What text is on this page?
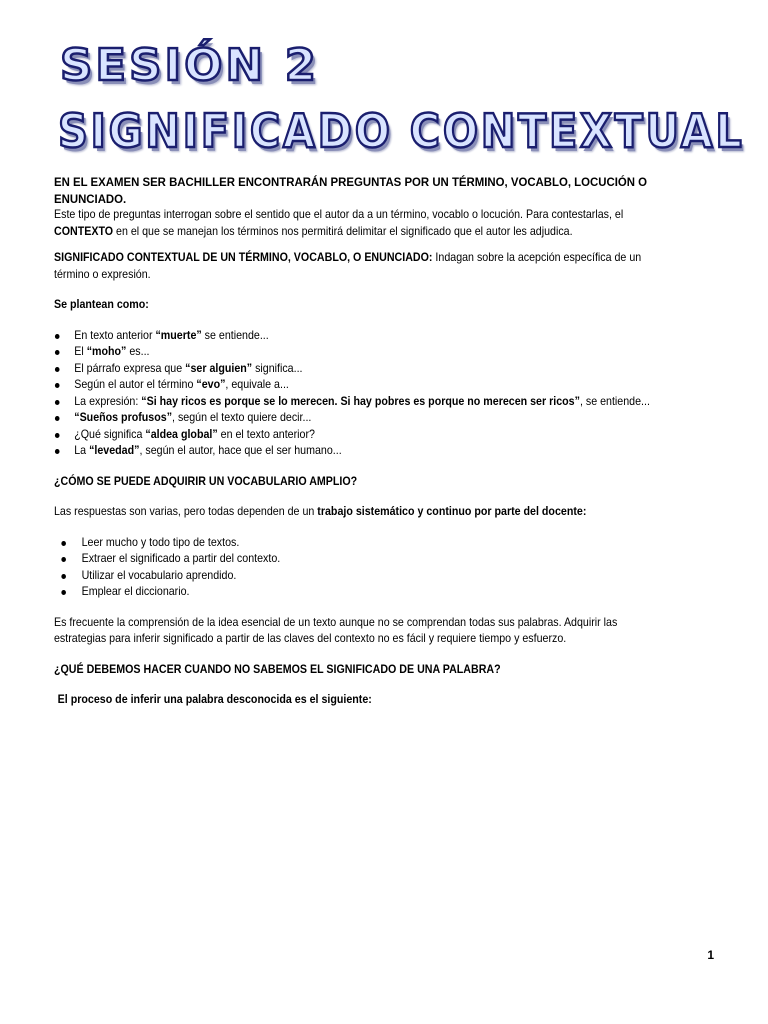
SESIÓN 2
SIGNIFICADO CONTEXTUAL

EN EL EXAMEN SER BACHILLER ENCONTRARÁN PREGUNTAS POR UN TÉRMINO, VOCABLO, LOCUCIÓN O ENUNCIADO.

Este tipo de preguntas interrogan sobre el sentido que el autor da a un término, vocablo o locución. Para contestarlas, el CONTEXTO en el que se manejan los términos nos permitirá delimitar el significado que el autor les adjudica.

SIGNIFICADO CONTEXTUAL DE UN TÉRMINO, VOCABLO, O ENUNCIADO: Indagan sobre la acepción específica de un término o expresión.

Se plantean como:

En texto anterior “muerte” se entiende...
El “moho” es...
El párrafo expresa que “ser alguien” significa...
Según el autor el término “evo”, equivale a...
La expresión: “Si hay ricos es porque se lo merecen. Si hay pobres es porque no merecen ser ricos”, se entiende...
“Sueños profusos”, según el texto quiere decir...
¿Qué significa “aldea global” en el texto anterior?
La “levedad”, según el autor, hace que el ser humano...

¿CÓMO SE PUEDE ADQUIRIR UN VOCABULARIO AMPLIO?

Las respuestas son varias, pero todas dependen de un trabajo sistemático y continuo por parte del docente:

Leer mucho y todo tipo de textos.
Extraer el significado a partir del contexto.
Utilizar el vocabulario aprendido.
Emplear el diccionario.

Es frecuente la comprensión de la idea esencial de un texto aunque no se comprendan todas sus palabras. Adquirir las estrategias para inferir significado a partir de las claves del contexto no es fácil y requiere tiempo y esfuerzo.

¿QUÉ DEBEMOS HACER CUANDO NO SABEMOS EL SIGNIFICADO DE UNA PALABRA?

El proceso de inferir una palabra desconocida es el siguiente:

1
